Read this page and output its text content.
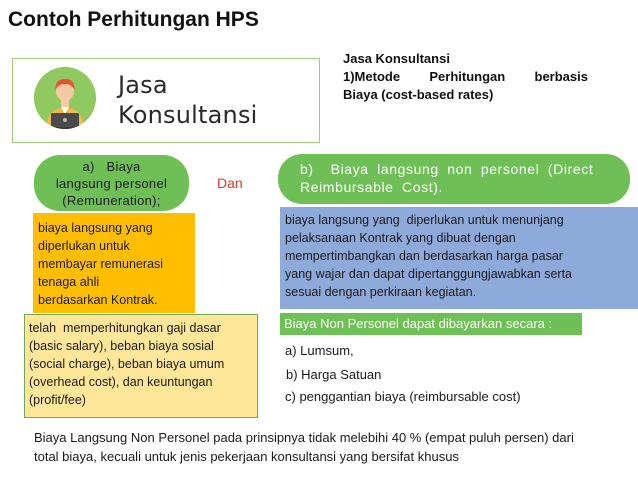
Contoh Perhitungan HPS
Jasa
Konsultansi
Jasa Konsultansi
1)Metode Perhitungan berbasis
Biaya (cost-based rates)
a) Biaya
langsung personel
(Remuneration);
Dan
b)  Biaya langsung non personel (Direct
Reimbursable Cost).
biaya langsung yang
diperlukan untuk
membayar remunerasi
tenaga ahli
berdasarkan Kontrak.
biaya langsung yang  diperlukan untuk menunjang
pelaksanaan Kontrak yang dibuat dengan
mempertimbangkan dan berdasarkan harga pasar
yang wajar dan dapat dipertanggungjawabkan serta
sesuai dengan perkiraan kegiatan.
telah  memperhitungkan gaji dasar
(basic salary), beban biaya sosial
(social charge), beban biaya umum
(overhead cost), dan keuntungan
(profit/fee)
Biaya Non Personel dapat dibayarkan secara :
a) Lumsum,
b) Harga Satuan
c) penggantian biaya (reimbursable cost)
Biaya Langsung Non Personel pada prinsipnya tidak melebihi 40 % (empat puluh persen) dari
total biaya, kecuali untuk jenis pekerjaan konsultansi yang bersifat khusus
